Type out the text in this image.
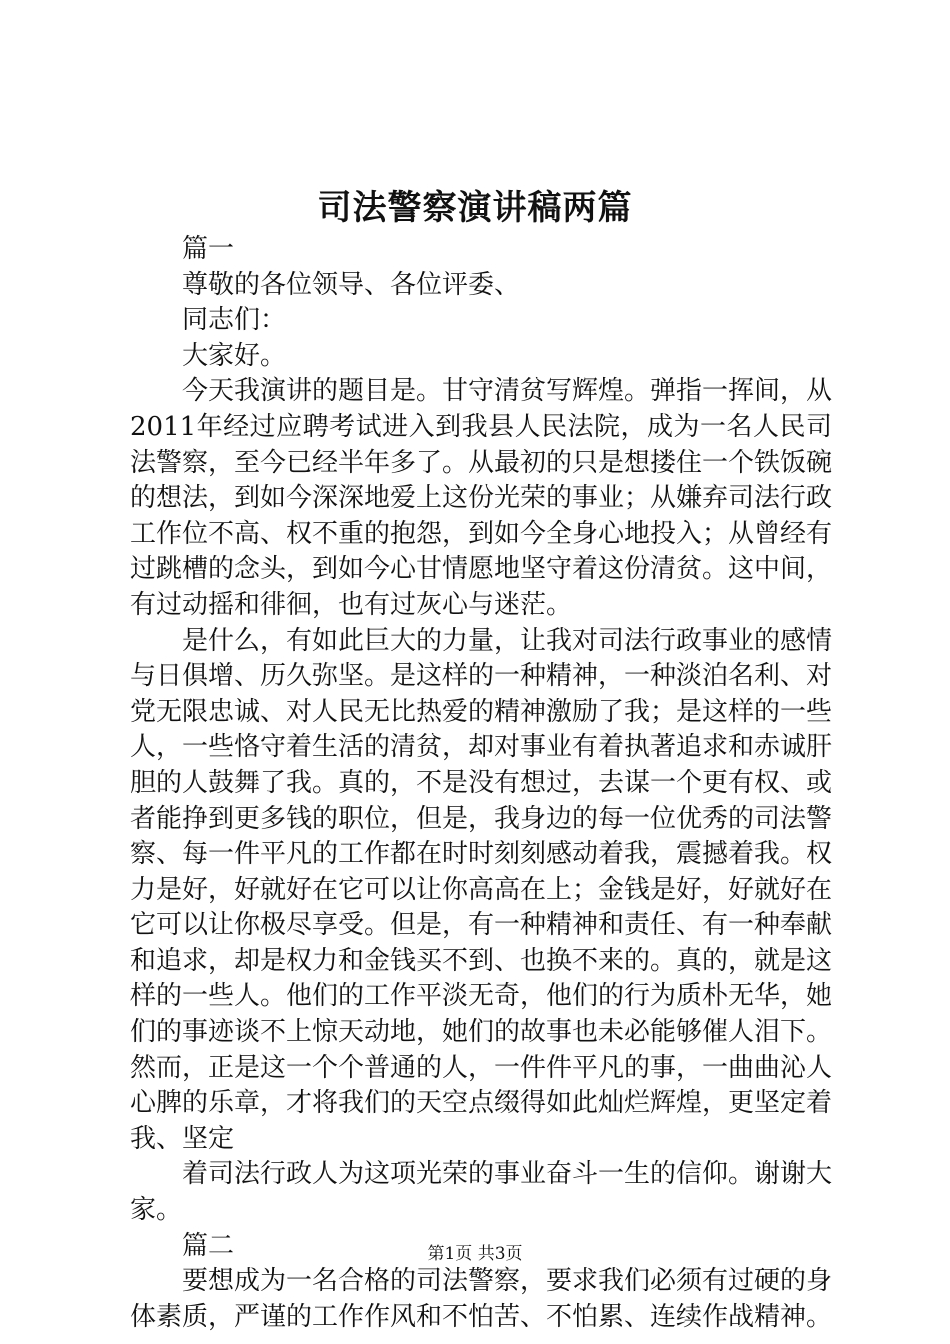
司法警察演讲稿两篇

篇一

尊敬的各位领导、各位评委、

同志们：

大家好。

今天我演讲的题目是。甘守清贫写辉煌。弹指一挥间，从2011年经过应聘考试进入到我县人民法院，成为一名人民司法警察，至今已经半年多了。从最初的只是想搂住一个铁饭碗的想法，到如今深深地爱上这份光荣的事业；从嫌弃司法行政工作位不高、权不重的抱怨，到如今全身心地投入；从曾经有过跳槽的念头，到如今心甘情愿地坚守着这份清贫。这中间，有过动摇和徘徊，也有过灰心与迷茫。

是什么，有如此巨大的力量，让我对司法行政事业的感情与日俱增、历久弥坚。是这样的一种精神，一种淡泊名利、对党无限忠诚、对人民无比热爱的精神激励了我；是这样的一些人，一些恪守着生活的清贫，却对事业有着执著追求和赤诚肝胆的人鼓舞了我。真的，不是没有想过，去谋一个更有权、或者能挣到更多钱的职位，但是，我身边的每一位优秀的司法警察、每一件平凡的工作都在时时刻刻感动着我，震撼着我。权力是好，好就好在它可以让你高高在上；金钱是好，好就好在它可以让你极尽享受。但是，有一种精神和责任、有一种奉献和追求，却是权力和金钱买不到、也换不来的。真的，就是这样的一些人。他们的工作平淡无奇，他们的行为质朴无华，她们的事迹谈不上惊天动地，她们的故事也未必能够催人泪下。然而，正是这一个个普通的人，一件件平凡的事，一曲曲沁人心脾的乐章，才将我们的天空点缀得如此灿烂辉煌，更坚定着我、坚定

着司法行政人为这项光荣的事业奋斗一生的信仰。谢谢大家。

篇二

要想成为一名合格的司法警察，要求我们必须有过硬的身体素质，严谨的工作作风和不怕苦、不怕累、连续作战精神。

第1页 共3页
